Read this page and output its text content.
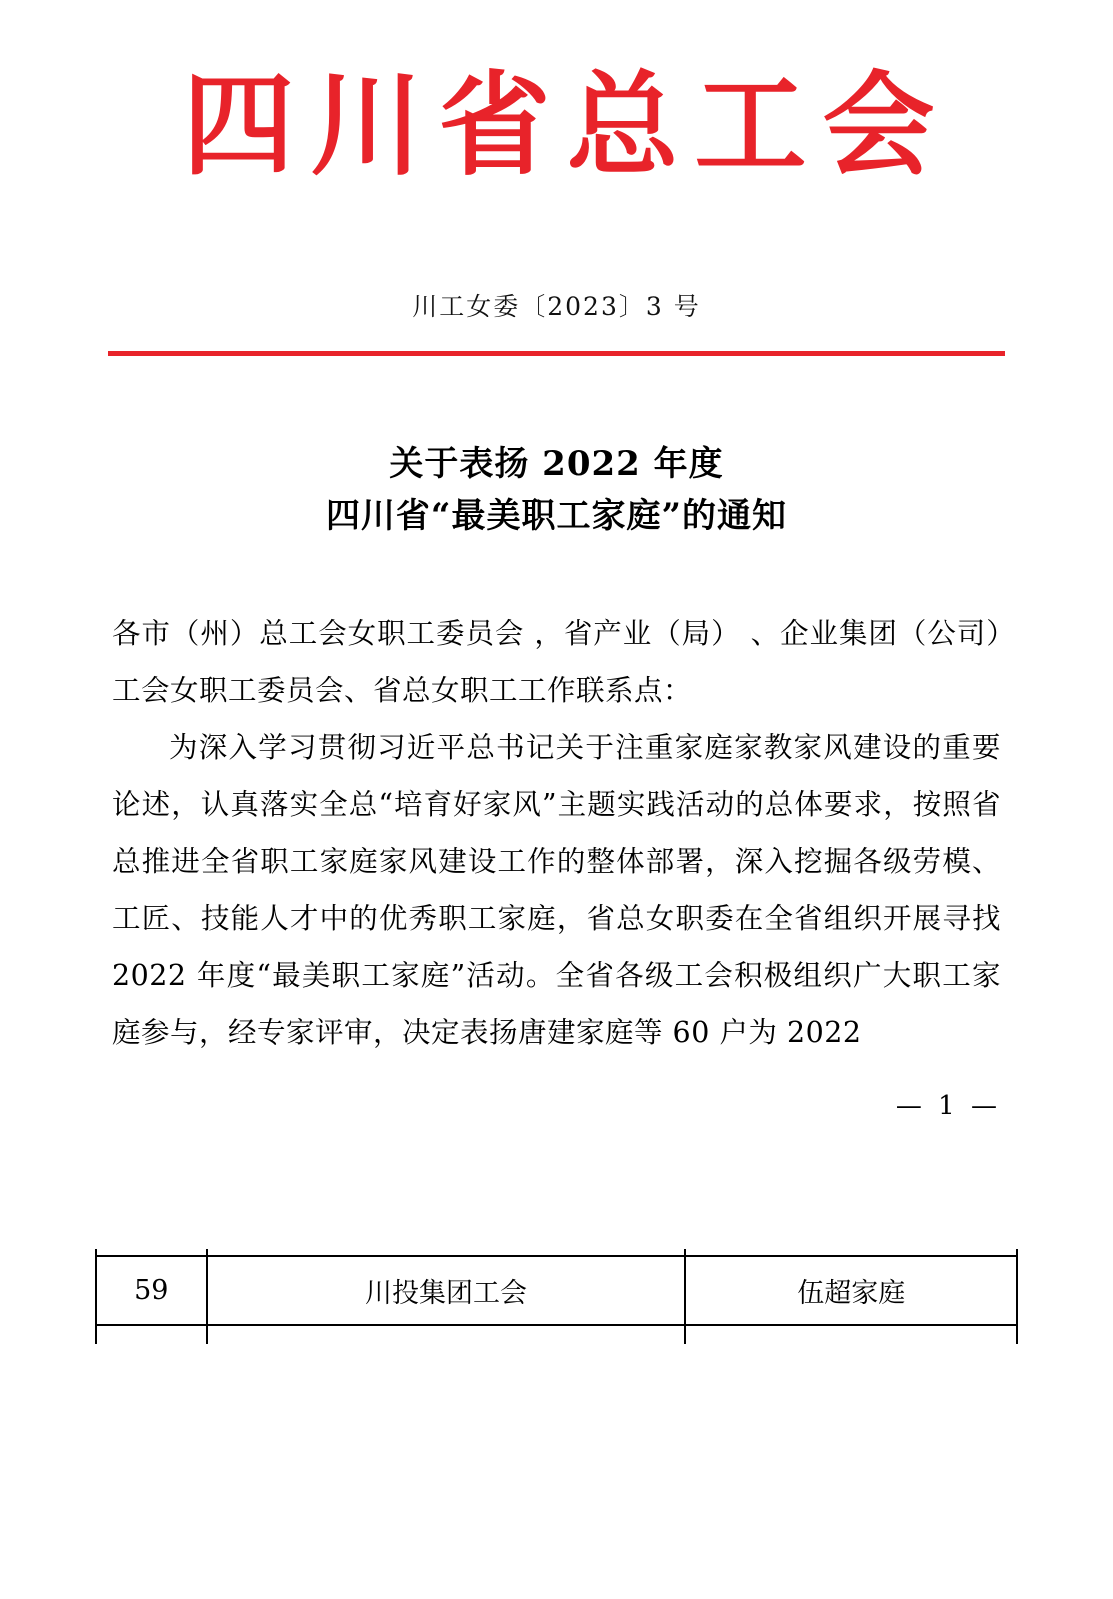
四川省总工会
川工女委〔2023〕3 号
关于表扬 2022 年度
四川省“最美职工家庭”的通知

各市（州）总工会女职工委员会 ，省产业（局） 、企业集团（公司）工会女职工委员会、省总女职工工作联系点：

为深入学习贯彻习近平总书记关于注重家庭家教家风建设的重要论述，认真落实全总“培育好家风”主题实践活动的总体要求，按照省总推进全省职工家庭家风建设工作的整体部署，深入挖掘各级劳模、工匠、技能人才中的优秀职工家庭，省总女职委在全省组织开展寻找 2022 年度“最美职工家庭”活动。全省各级工会积极组织广大职工家庭参与，经专家评审，决定表扬唐建家庭等 60 户为 2022

— 1 —

59	川投集团工会	伍超家庭
